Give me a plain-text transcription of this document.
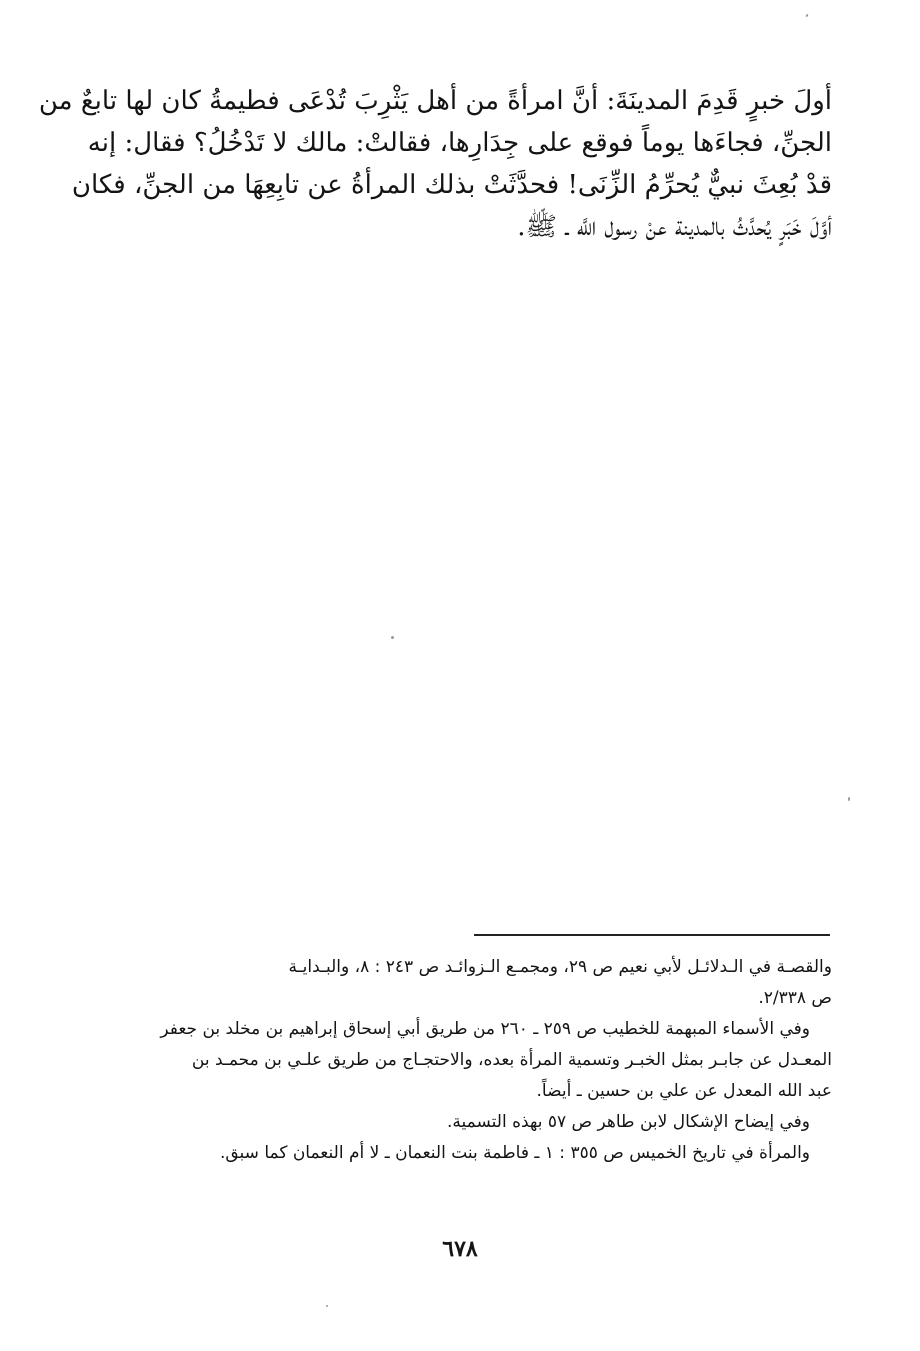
أولَ خبرٍ قَدِمَ المدينَةَ: أنَّ امرأةً من أهل يَثْرِبَ تُدْعَى فطيمةُ كان لها تابعٌ من
الجنِّ، فجاءَها يوماً فوقع على جِدَارِها، فقالتْ: مالك لا تَدْخُلُ؟ فقال: إنه
قدْ بُعِثَ نبيٌّ يُحرِّمُ الزِّنَى! فحدَّثَتْ بذلك المرأةُ عن تابِعِهَا من الجنِّ، فكان
أوَّلَ خَبَرٍ يُحدَّثُ بالمدينة عنْ رسول اللَّه ـ ﷺ.
والقصـة في الـدلائـل لأبي نعيم ص ٢٩، ومجمـع الـزوائـد ص ٢٤٣ : ٨، والبـدايـة
ص ٢/٣٣٨.
وفي الأسماء المبهمة للخطيب ص ٢٥٩ ـ ٢٦٠ من طريق أبي إسحاق إبراهيم بن مخلد بن جعفر
المعـدل عن جابـر بمثل الخبـر وتسمية المرأة بعده، والاحتجـاج من طريق علـي بن محمـد بن
عبد الله المعدل عن علي بن حسين ـ أيضاً.
وفي إيضاح الإشكال لابن طاهر ص ٥٧ بهذه التسمية.
والمرأة في تاريخ الخميس ص ٣٥٥ : ١ ـ فاطمة بنت النعمان ـ لا أم النعمان كما سبق.
٦٧٨
